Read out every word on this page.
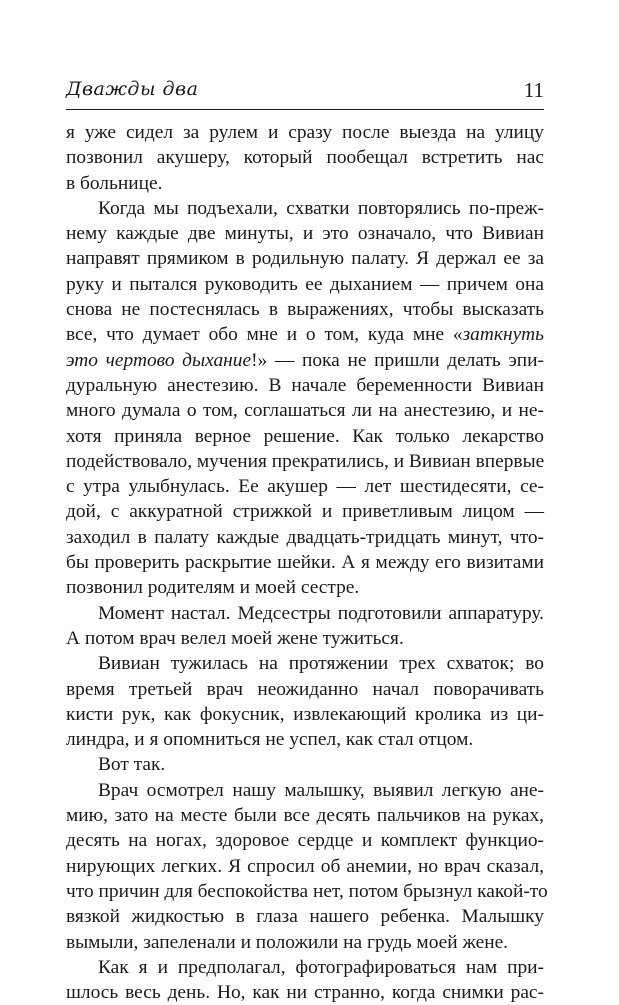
Дважды два	11
я уже сидел за рулем и сразу после выезда на улицу
позвонил акушеру, который пообещал встретить нас
в больнице.
Когда мы подъехали, схватки повторялись по-преж-
нему каждые две минуты, и это означало, что Вивиан
направят прямиком в родильную палату. Я держал ее за
руку и пытался руководить ее дыханием — причем она
снова не постеснялась в выражениях, чтобы высказать
все, что думает обо мне и о том, куда мне «заткнуть
это чертово дыхание!» — пока не пришли делать эпи-
дуральную анестезию. В начале беременности Вивиан
много думала о том, соглашаться ли на анестезию, и не-
хотя приняла верное решение. Как только лекарство
подействовало, мучения прекратились, и Вивиан впервые
с утра улыбнулась. Ее акушер — лет шестидесяти, се-
дой, с аккуратной стрижкой и приветливым лицом —
заходил в палату каждые двадцать-тридцать минут, что-
бы проверить раскрытие шейки. А я между его визитами
позвонил родителям и моей сестре.
Момент настал. Медсестры подготовили аппаратуру.
А потом врач велел моей жене тужиться.
Вивиан тужилась на протяжении трех схваток; во
время третьей врач неожиданно начал поворачивать
кисти рук, как фокусник, извлекающий кролика из ци-
линдра, и я опомниться не успел, как стал отцом.
Вот так.
Врач осмотрел нашу малышку, выявил легкую ане-
мию, зато на месте были все десять пальчиков на руках,
десять на ногах, здоровое сердце и комплект функцио-
нирующих легких. Я спросил об анемии, но врач сказал,
что причин для беспокойства нет, потом брызнул какой-то
вязкой жидкостью в глаза нашего ребенка. Малышку
вымыли, запеленали и положили на грудь моей жене.
Как я и предполагал, фотографироваться нам при-
шлось весь день. Но, как ни странно, когда снимки рас-
